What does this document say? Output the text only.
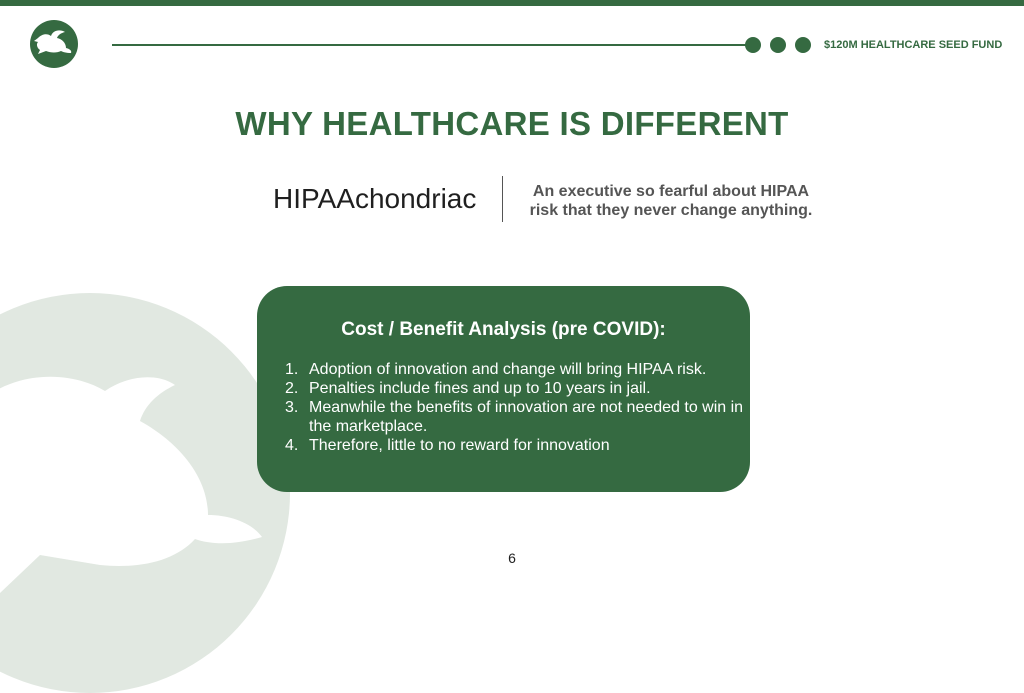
$120M HEALTHCARE SEED FUND
WHY HEALTHCARE IS DIFFERENT
HIPAAchondriac	An executive so fearful about HIPAA
risk that they never change anything.
Cost / Benefit Analysis (pre COVID):
1. Adoption of innovation and change will bring HIPAA risk.
2. Penalties include fines and up to 10 years in jail.
3. Meanwhile the benefits of innovation are not needed to win in the marketplace.
4. Therefore, little to no reward for innovation
6
